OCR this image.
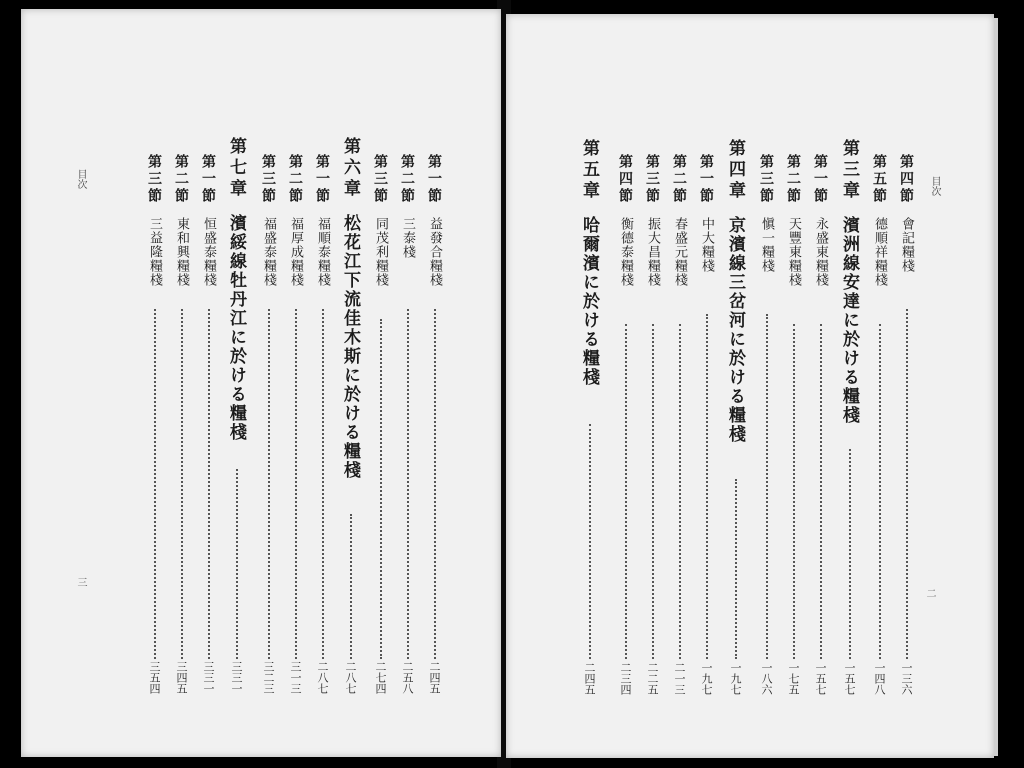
目次
三
第一節益發合糧棧
二四五
第二節三泰棧
二五八
第三節同茂利糧棧
二七四
第六章松花江下流佳木斯に於ける糧棧
二八七
第一節福順泰糧棧
二八七
第二節福厚成糧棧
三一三
第三節福盛泰糧棧
三二三
第七章濱綏線牡丹江に於ける糧棧
三三一
第一節恒盛泰糧棧
三三一
第二節東和興糧棧
三四五
第三節三益隆糧棧
三五四
目次
二
第四節會記糧棧
一三六
第五節德順祥糧棧
一四八
第三章濱洲線安達に於ける糧棧
一五七
第一節永盛東糧棧
一五七
第二節天豐東糧棧
一七五
第三節愼一糧棧
一八六
第四章京濱線三岔河に於ける糧棧
一九七
第一節中大糧棧
一九七
第二節春盛元糧棧
二一三
第三節振大昌糧棧
二二五
第四節衡德泰糧棧
二三四
第五章哈爾濱に於ける糧棧
二四五
